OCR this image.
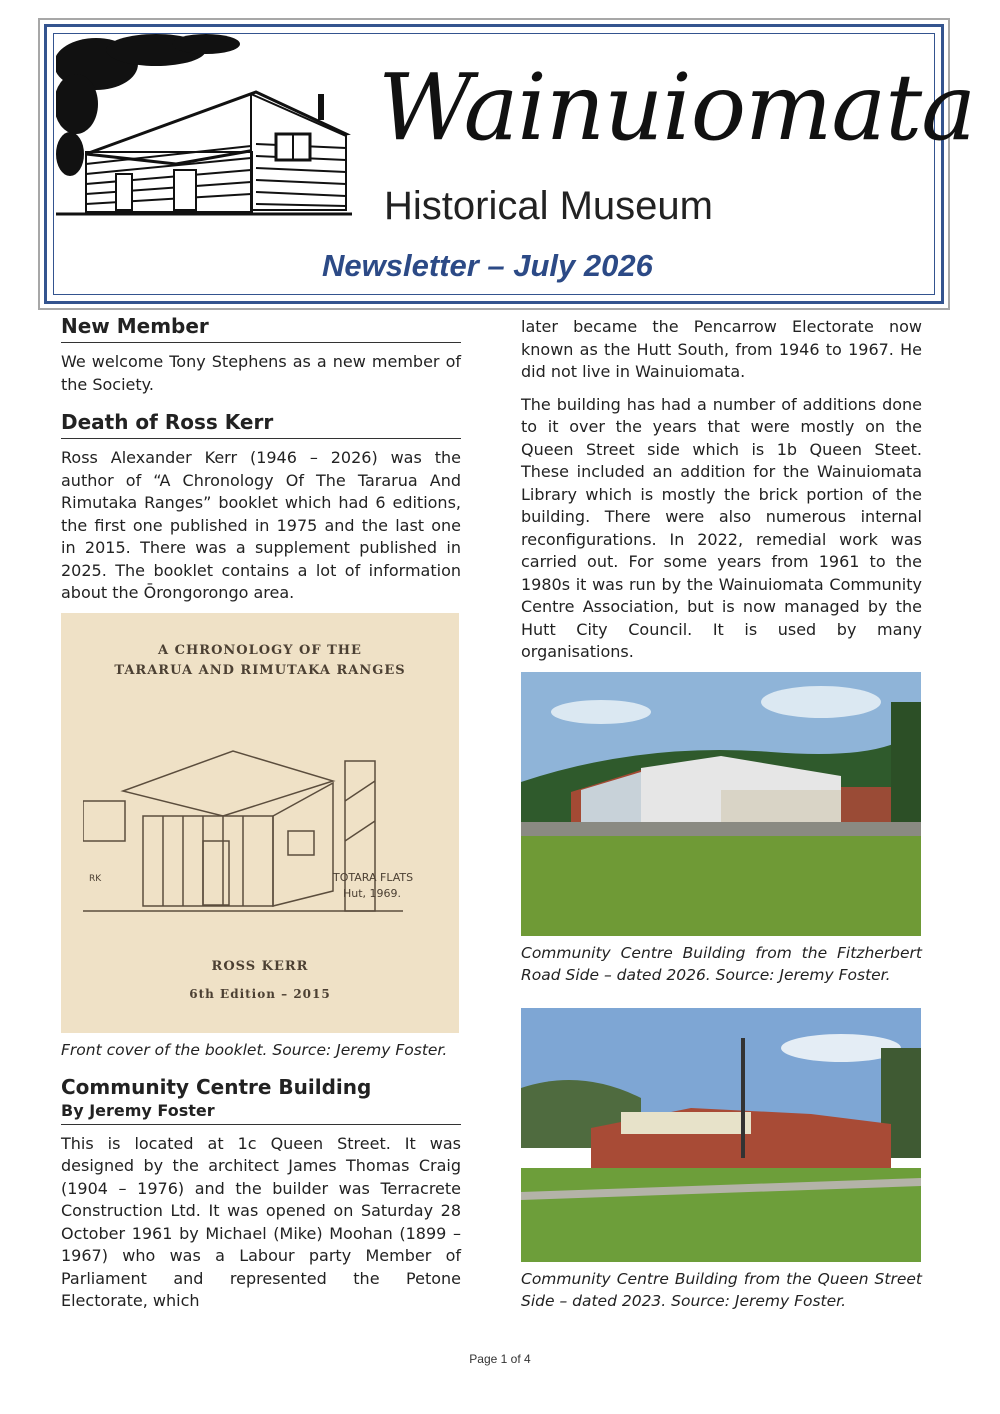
Wainuiomata
Historical Museum
Newsletter – July 2026
New Member

We welcome Tony Stephens as a new member of the Society.

Death of Ross Kerr

Ross Alexander Kerr (1946 – 2026) was the author of “A Chronology Of The Tararua And Rimutaka Ranges” booklet which had 6 editions, the first one published in 1975 and the last one in 2015. There was a supplement published in 2025. The booklet contains a lot of information about the Ōrongorongo area.

A CHRONOLOGY OF THE
TARARUA AND RIMUTAKA RANGES
TOTARA FLATS
Hut, 1969.
RK
ROSS KERR
6th Edition – 2015

Front cover of the booklet. Source: Jeremy Foster.

Community Centre Building
By Jeremy Foster

This is located at 1c Queen Street. It was designed by the architect James Thomas Craig (1904 – 1976) and the builder was Terracrete Construction Ltd. It was opened on Saturday 28 October 1961 by Michael (Mike) Moohan (1899 – 1967) who was a Labour party Member of Parliament and represented the Petone Electorate, which

later became the Pencarrow Electorate now known as the Hutt South, from 1946 to 1967. He did not live in Wainuiomata.

The building has had a number of additions done to it over the years that were mostly on the Queen Street side which is 1b Queen Steet. These included an addition for the Wainuiomata Library which is mostly the brick portion of the building. There were also numerous internal reconfigurations. In 2022, remedial work was carried out. For some years from 1961 to the 1980s it was run by the Wainuiomata Community Centre Association, but is now managed by the Hutt City Council. It is used by many organisations.

Community Centre Building from the Fitzherbert Road Side – dated 2026. Source: Jeremy Foster.

Community Centre Building from the Queen Street Side – dated 2023. Source: Jeremy Foster.

Page 1 of 4
